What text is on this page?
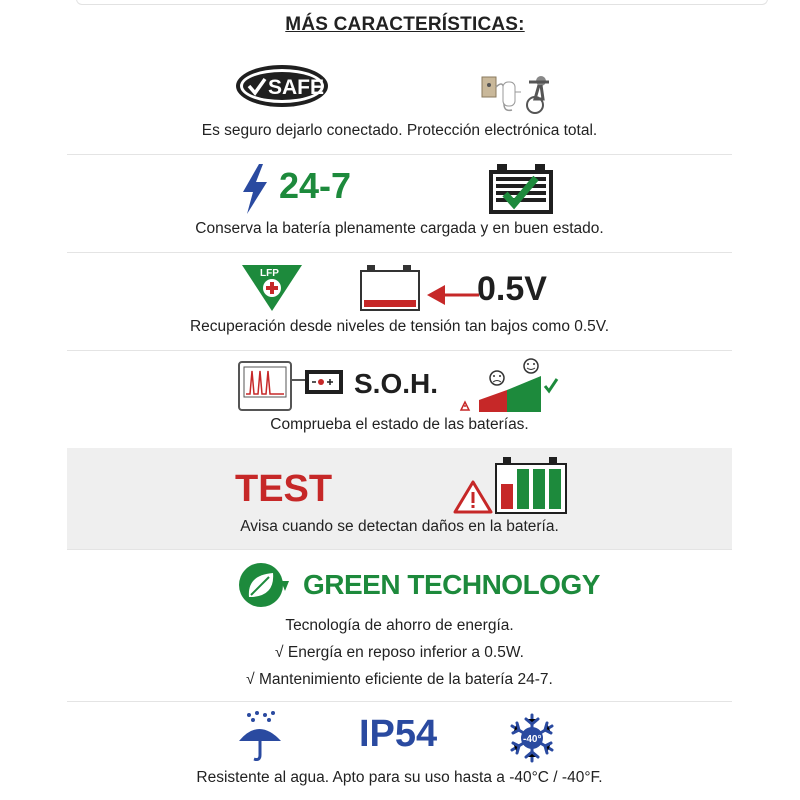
MÁS CARACTERÍSTICAS:
SAFE
Es seguro dejarlo conectado. Protección electrónica total.
24-7
Conserva la batería plenamente cargada y en buen estado.
LFP	0.5V
Recuperación desde niveles de tensión tan bajos como 0.5V.
S.O.H.
Comprueba el estado de las baterías.
TEST
Avisa cuando se detectan daños en la batería.
GREEN TECHNOLOGY
Tecnología de ahorro de energía.
√ Energía en reposo inferior a 0.5W.
√ Mantenimiento eficiente de la batería 24-7.
IP54	-40°
Resistente al agua. Apto para su uso hasta a -40°C / -40°F.
